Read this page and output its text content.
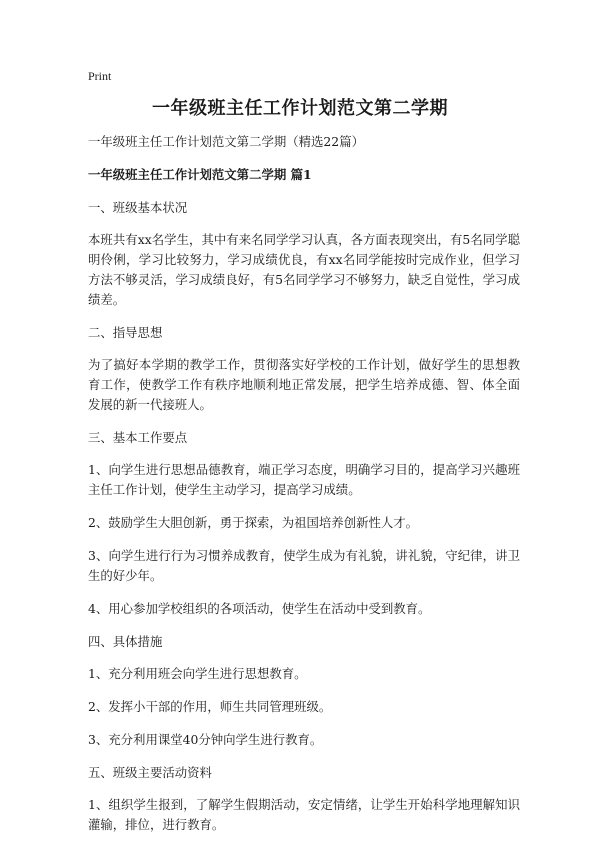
Print
一年级班主任工作计划范文第二学期

一年级班主任工作计划范文第二学期（精选22篇）

一年级班主任工作计划范文第二学期 篇1

一、班级基本状况

本班共有xx名学生，其中有来名同学学习认真，各方面表现突出，有5名同学聪明伶俐，学习比较努力，学习成绩优良，有xx名同学能按时完成作业，但学习方法不够灵活，学习成绩良好，有5名同学学习不够努力，缺乏自觉性，学习成绩差。

二、指导思想

为了搞好本学期的教学工作，贯彻落实好学校的工作计划，做好学生的思想教育工作，使教学工作有秩序地顺利地正常发展，把学生培养成德、智、体全面发展的新一代接班人。

三、基本工作要点

1、向学生进行思想品德教育，端正学习态度，明确学习目的，提高学习兴趣班主任工作计划，使学生主动学习，提高学习成绩。

2、鼓励学生大胆创新，勇于探索，为祖国培养创新性人才。

3、向学生进行行为习惯养成教育，使学生成为有礼貌，讲礼貌，守纪律，讲卫生的好少年。

4、用心参加学校组织的各项活动，使学生在活动中受到教育。

四、具体措施

1、充分利用班会向学生进行思想教育。

2、发挥小干部的作用，师生共同管理班级。

3、充分利用课堂40分钟向学生进行教育。

五、班级主要活动资料

1、组织学生报到，了解学生假期活动，安定情绪，让学生开始科学地理解知识灌输，排位，进行教育。
